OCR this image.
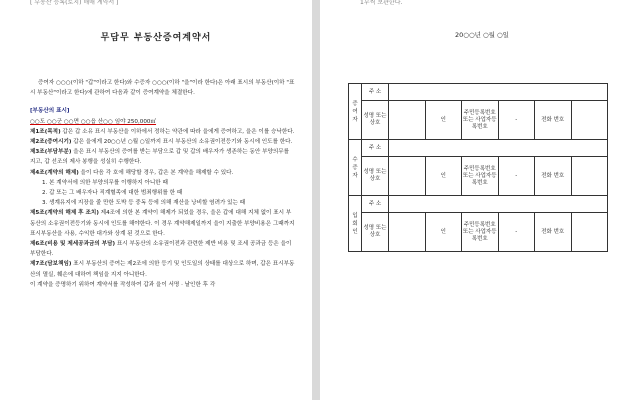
[ 부동산 등록(토지) 매매 계약서 ]
무담무 부동산증여계약서

증여자 ○○○(이하 "갑"이라고 한다)와 수증자 ○○○(이하 "을"이라 한다)은 아래 표시의 부동산(이하 "표시 부동산"이라고 한다)에 관하여 다음과 같이 증여계약을 체결한다.

[부동산의 표시]

○○도 ○○군 ○○면 ○○읍 산○○ 임야 250,000㎡

제1조(목적) 갑은 갑 소유 표시 부동산을 이하에서 정하는 약관에 따라 을에게 증여하고, 을은 이를 승낙한다.

제2조(증여시기) 갑은 을에게 20○○년 ○월 ○일까지 표시 부동산의 소유권이전등기와 동시에 인도를 한다.

제3조(부담부분) 을은 표시 부동산의 증여를 받는 부담으로 갑 및 갑의 배우자가 생존하는 동안 부양의무를 지고, 갑 선조의 제사 봉행을 성실히 수행한다.

제4조(계약의 해제) 을이 다음 각 호에 해당할 경우, 갑은 본 계약을 해제할 수 있다.

1. 본 계약서에 의한 부양의무를 이행하지 아니한 때
2. 갑 또는 그 배우자나 직계혈족에 대한 범죄행위를 한 때
3. 생계유지에 지장을 줄 만한 도박 등 중독 등에 의해 재산을 낭비할 염려가 있는 때

제5조(계약의 해제 후 조치) 제4조에 의한 본 계약이 해제가 되었을 경우, 을은 갑에 대해 지체 없이 표시 부동산의 소유권이전등기와 동시에 인도를 해야한다. 이 경우 계약해제일까지 을이 지출한 부양비용은 그때까지 표시부동산을 사용, 수익한 대가와 상계 된 것으로 한다.

제6조(비용 및 제세공과금의 부담) 표시 부동산의 소유권이전과 관련한 제반 비용 및 조세 공과금 등은 을이 부담한다.

제7조(담보책임) 표시 부동산의 증여는 제2조에 의한 등기 및 인도일의 상태를 대상으로 하며, 갑은 표시부동산의 멸실, 훼손에 대하여 책임을 지지 아니한다.

이 계약을 증명하기 위하여 계약서를 작성하여 갑과 을이 서명 · 날인한 후 각

1부씩 보관한다.
20○○년 ○월 ○일
증여자	주 소						
	성명 또는 상호		인	주민등록번호 또는 사업자등록번호	-	전화 번호	
수증자	주 소						
	성명 또는 상호		인	주민등록번호 또는 사업자등록번호	-	전화 번호	
입회인	주 소						
	성명 또는 상호		인	주민등록번호 또는 사업자등록번호	-	전화 번호	
